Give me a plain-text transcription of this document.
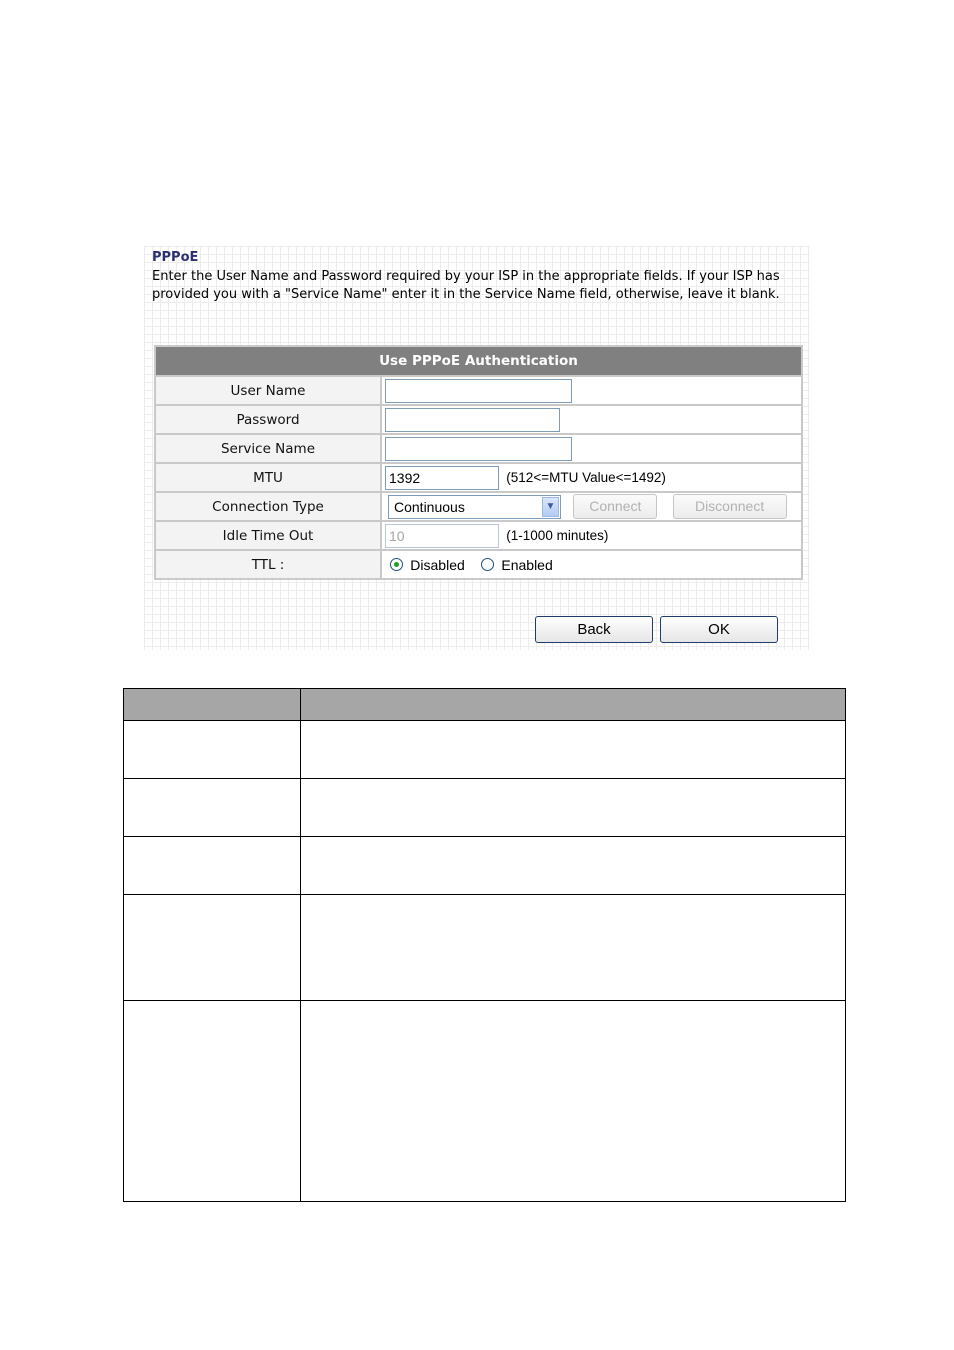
PPPoE
Enter the User Name and Password required by your ISP in the appropriate fields. If your ISP has provided you with a "Service Name" enter it in the Service Name field, otherwise, leave it blank.
Use PPPoE Authentication	
User Name	
Password	
Service Name	
MTU	1392 (512<=MTU Value<=1492)
Connection Type	Continuous ▼ Connect Disconnect
Idle Time Out	10 (1-1000 minutes)
TTL :	Disabled Enabled
Back	OK
